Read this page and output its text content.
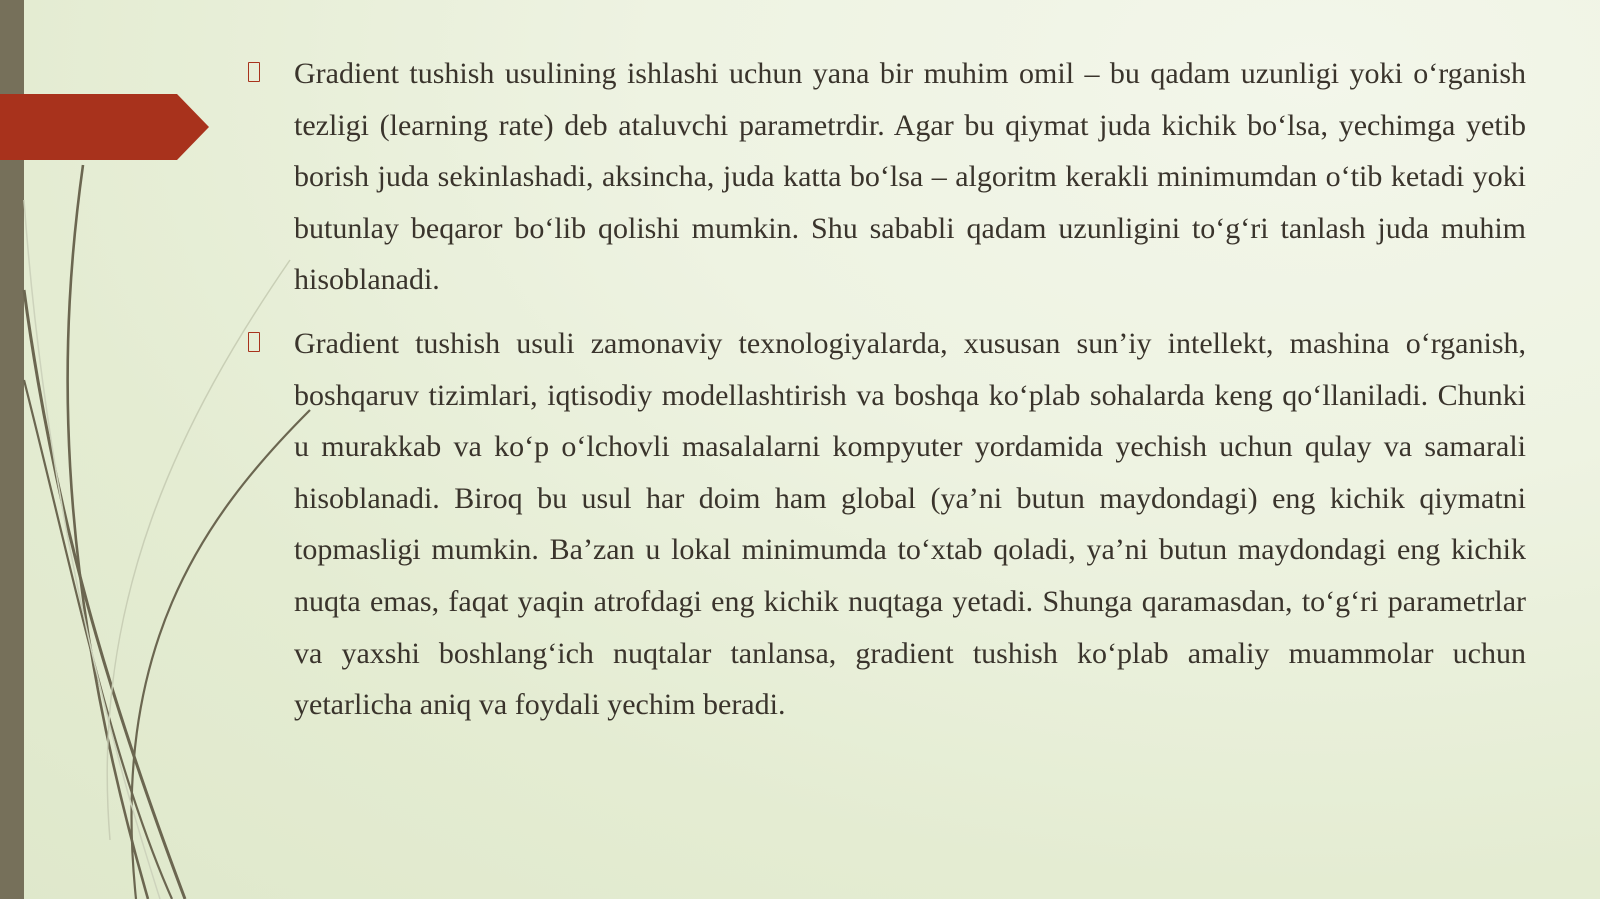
Gradient tushish usulining ishlashi uchun yana bir muhim omil – bu qadam uzunligi yoki o‘rganish tezligi (learning rate) deb ataluvchi parametrdir. Agar bu qiymat juda kichik bo‘lsa, yechimga yetib borish juda sekinlashadi, aksincha, juda katta bo‘lsa – algoritm kerakli minimumdan o‘tib ketadi yoki butunlay beqaror bo‘lib qolishi mumkin. Shu sababli qadam uzunligini to‘g‘ri tanlash juda muhim hisoblanadi.
Gradient tushish usuli zamonaviy texnologiyalarda, xususan sun’iy intellekt, mashina o‘rganish, boshqaruv tizimlari, iqtisodiy modellashtirish va boshqa ko‘plab sohalarda keng qo‘llaniladi. Chunki u murakkab va ko‘p o‘lchovli masalalarni kompyuter yordamida yechish uchun qulay va samarali hisoblanadi. Biroq bu usul har doim ham global (ya’ni butun maydondagi) eng kichik qiymatni topmasligi mumkin. Ba’zan u lokal minimumda to‘xtab qoladi, ya’ni butun maydondagi eng kichik nuqta emas, faqat yaqin atrofdagi eng kichik nuqtaga yetadi. Shunga qaramasdan, to‘g‘ri parametrlar va yaxshi boshlang‘ich nuqtalar tanlansa, gradient tushish ko‘plab amaliy muammolar uchun yetarlicha aniq va foydali yechim beradi.
